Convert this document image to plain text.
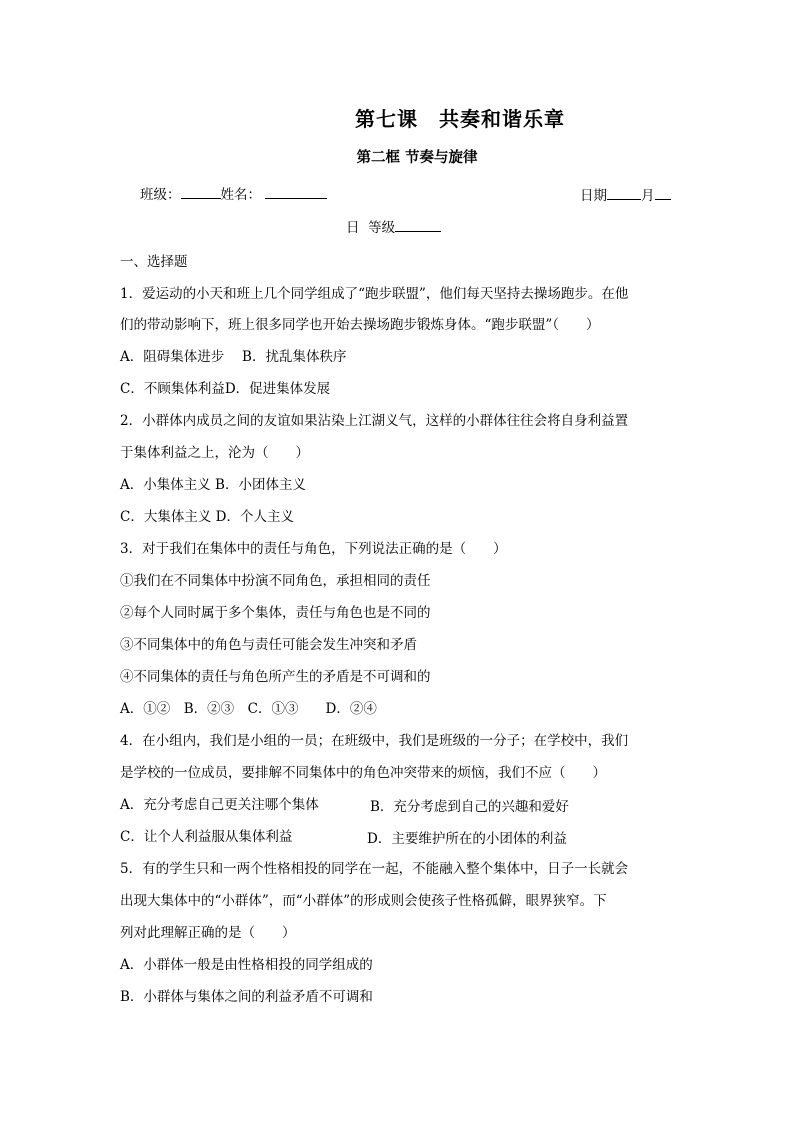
第七课　共奏和谐乐章
第二框 节奏与旋律
班级：	姓名：	日期	月
日 等级
一、选择题
1．爱运动的小天和班上几个同学组成了“跑步联盟”，他们每天坚持去操场跑步。在他
们的带动影响下，班上很多同学也开始去操场跑步锻炼身体。“跑步联盟”（　　）
A．阻碍集体进步　 B．扰乱集体秩序
C．不顾集体利益D．促进集体发展
2．小群体内成员之间的友谊如果沾染上江湖义气，这样的小群体往往会将自身利益置
于集体利益之上，沦为（　　）
A．小集体主义 B．小团体主义
C．大集体主义 D．个人主义
3．对于我们在集体中的责任与角色，下列说法正确的是（　　）
①我们在不同集体中扮演不同角色，承担相同的责任
②每个人同时属于多个集体，责任与角色也是不同的
③不同集体中的角色与责任可能会发生冲突和矛盾
④不同集体的责任与角色所产生的矛盾是不可调和的
A．①②　B．②③　C．①③　　D．②④
4．在小组内，我们是小组的一员；在班级中，我们是班级的一分子；在学校中，我们
是学校的一位成员，要排解不同集体中的角色冲突带来的烦恼，我们不应（　　）
A．充分考虑自己更关注哪个集体	B．充分考虑到自己的兴趣和爱好
C．让个人利益服从集体利益	D．主要维护所在的小团体的利益
5．有的学生只和一两个性格相投的同学在一起，不能融入整个集体中，日子一长就会
出现大集体中的“小群体”，而“小群体”的形成则会使孩子性格孤僻，眼界狭窄。下
列对此理解正确的是（　　）
A．小群体一般是由性格相投的同学组成的
B．小群体与集体之间的利益矛盾不可调和
